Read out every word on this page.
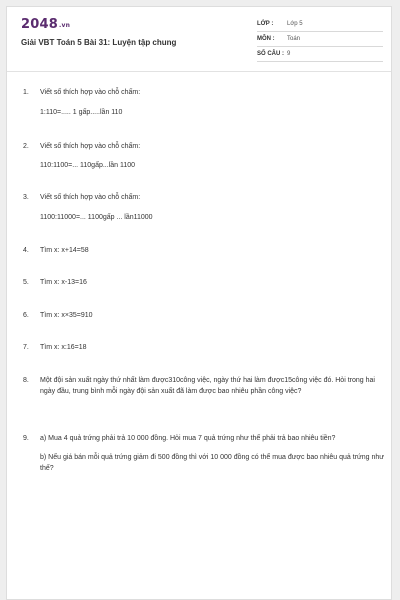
2048.vn
Giải VBT Toán 5 Bài 31: Luyện tập chung
LỚP : Lớp 5
MÔN : Toán
SỐ CÂU : 9
1. Viết số thích hợp vào chỗ chấm:
1:110=..... 1 gấp.....lần 110
2. Viết số thích hợp vào chỗ chấm:
110:1100=... 110gấp...lần 1100
3. Viết số thích hợp vào chỗ chấm:
1100:11000=... 1100gấp ... lần11000
4. Tìm x: x+14=58
5. Tìm x: x-13=16
6. Tìm x: x×35=910
7. Tìm x: x:16=18
8. Một đội sản xuất ngày thứ nhất làm được310công việc, ngày thứ hai làm được15công việc đó. Hỏi trong hai ngày đầu, trung bình mỗi ngày đội sản xuất đã làm được bao nhiêu phần công việc?
9. a) Mua 4 quả trứng phải trả 10 000 đồng. Hỏi mua 7 quả trứng như thế phải trả bao nhiêu tiền?
b) Nếu giá bán mỗi quả trứng giảm đi 500 đồng thì với 10 000 đồng có thể mua được bao nhiêu quả trứng như thế?
